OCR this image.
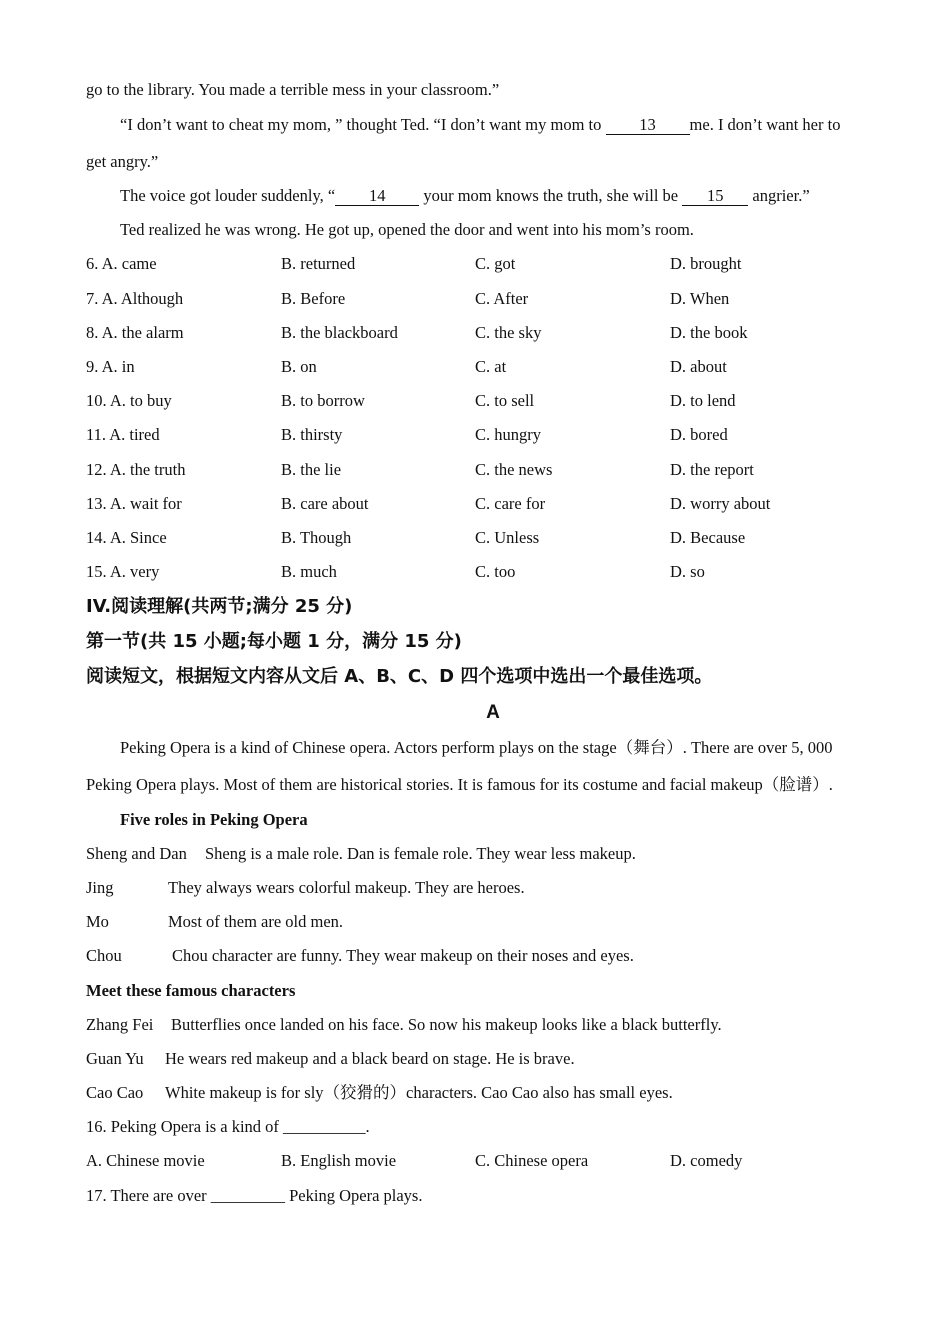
go to the library. You made a terrible mess in your classroom.”
“I don’t want to cheat my mom, ” thought Ted. “I don’t want my mom to 13 me. I don’t want her to
get angry.”
The voice got louder suddenly, “ 14 your mom knows the truth, she will be 15 angrier.”
Ted realized he was wrong. He got up, opened the door and went into his mom’s room.
6. A. came	B. returned	C. got	D. brought
7. A. Although	B. Before	C. After	D. When
8. A. the alarm	B. the blackboard	C. the sky	D. the book
9. A. in	B. on	C. at	D. about
10. A. to buy	B. to borrow	C. to sell	D. to lend
11. A. tired	B. thirsty	C. hungry	D. bored
12. A. the truth	B. the lie	C. the news	D. the report
13. A. wait for	B. care about	C. care for	D. worry about
14. A. Since	B. Though	C. Unless	D. Because
15. A. very	B. much	C. too	D. so
IV.阅读理解(共两节;满分 25 分)
第一节(共 15 小题;每小题 1 分，满分 15 分)
阅读短文，根据短文内容从文后 A、B、C、D 四个选项中选出一个最佳选项。
A
Peking Opera is a kind of Chinese opera. Actors perform plays on the stage（舞台）. There are over 5, 000
Peking Opera plays. Most of them are historical stories. It is famous for its costume and facial makeup（脸谱）.
Five roles in Peking Opera
Sheng and Dan Sheng is a male role. Dan is female role. They wear less makeup.
Jing	They always wears colorful makeup. They are heroes.
Mo	Most of them are old men.
Chou	Chou character are funny. They wear makeup on their noses and eyes.
Meet these famous characters
Zhang Fei Butterflies once landed on his face. So now his makeup looks like a black butterfly.
Guan Yu He wears red makeup and a black beard on stage. He is brave.
Cao Cao White makeup is for sly（狡猾的）characters. Cao Cao also has small eyes.
16. Peking Opera is a kind of __________.
A. Chinese movie	B. English movie	C. Chinese opera	D. comedy
17. There are over _________ Peking Opera plays.
